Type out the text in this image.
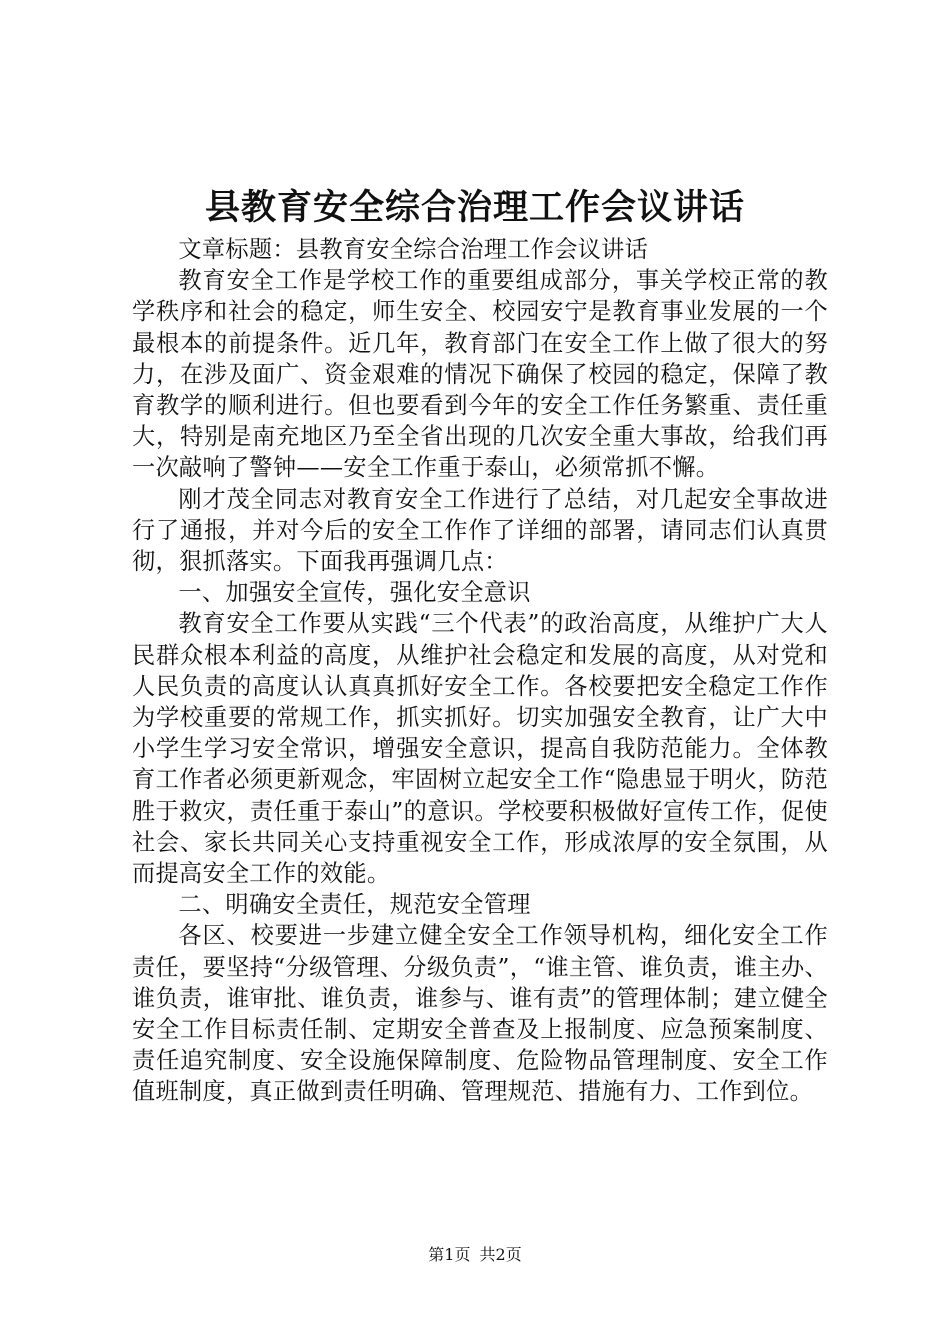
县教育安全综合治理工作会议讲话

文章标题：县教育安全综合治理工作会议讲话

教育安全工作是学校工作的重要组成部分，事关学校正常的教学秩序和社会的稳定，师生安全、校园安宁是教育事业发展的一个最根本的前提条件。近几年，教育部门在安全工作上做了很大的努力，在涉及面广、资金艰难的情况下确保了校园的稳定，保障了教育教学的顺利进行。但也要看到今年的安全工作任务繁重、责任重大，特别是南充地区乃至全省出现的几次安全重大事故，给我们再一次敲响了警钟——安全工作重于泰山，必须常抓不懈。

刚才茂全同志对教育安全工作进行了总结，对几起安全事故进行了通报，并对今后的安全工作作了详细的部署，请同志们认真贯彻，狠抓落实。下面我再强调几点：

一、加强安全宣传，强化安全意识

教育安全工作要从实践“三个代表”的政治高度，从维护广大人民群众根本利益的高度，从维护社会稳定和发展的高度，从对党和人民负责的高度认认真真抓好安全工作。各校要把安全稳定工作作为学校重要的常规工作，抓实抓好。切实加强安全教育，让广大中小学生学习安全常识，增强安全意识，提高自我防范能力。全体教育工作者必须更新观念，牢固树立起安全工作“隐患显于明火，防范胜于救灾，责任重于泰山”的意识。学校要积极做好宣传工作，促使社会、家长共同关心支持重视安全工作，形成浓厚的安全氛围，从而提高安全工作的效能。

二、明确安全责任，规范安全管理

各区、校要进一步建立健全安全工作领导机构，细化安全工作责任，要坚持“分级管理、分级负责”，“谁主管、谁负责，谁主办、谁负责，谁审批、谁负责，谁参与、谁有责”的管理体制；建立健全安全工作目标责任制、定期安全普查及上报制度、应急预案制度、责任追究制度、安全设施保障制度、危险物品管理制度、安全工作值班制度，真正做到责任明确、管理规范、措施有力、工作到位。

第1页 共2页
